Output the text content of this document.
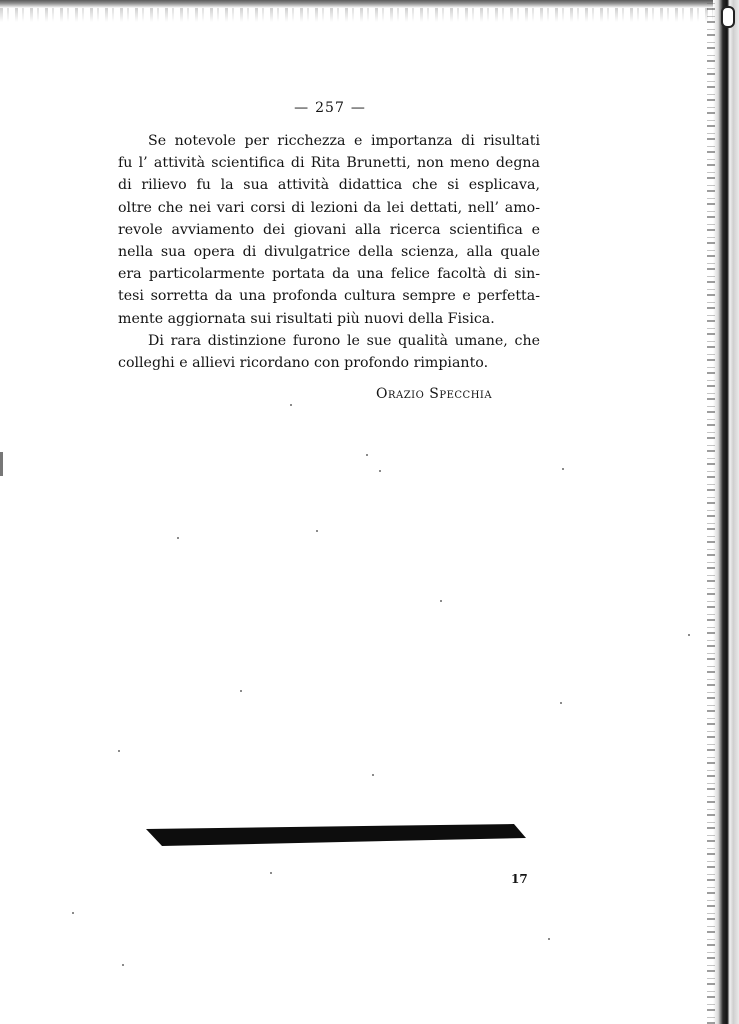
— 257 —
Se notevole per ricchezza e importanza di risultati
fu l’ attività scientifica di Rita Brunetti, non meno degna
di rilievo fu la sua attività didattica che si esplicava,
oltre che nei vari corsi di lezioni da lei dettati, nell’ amo-
revole avviamento dei giovani alla ricerca scientifica e
nella sua opera di divulgatrice della scienza, alla quale
era particolarmente portata da una felice facoltà di sin-
tesi sorretta da una profonda cultura sempre e perfetta-
mente aggiornata sui risultati più nuovi della Fisica.
Di rara distinzione furono le sue qualità umane, che
colleghi e allievi ricordano con profondo rimpianto.
Orazio Specchia
17
